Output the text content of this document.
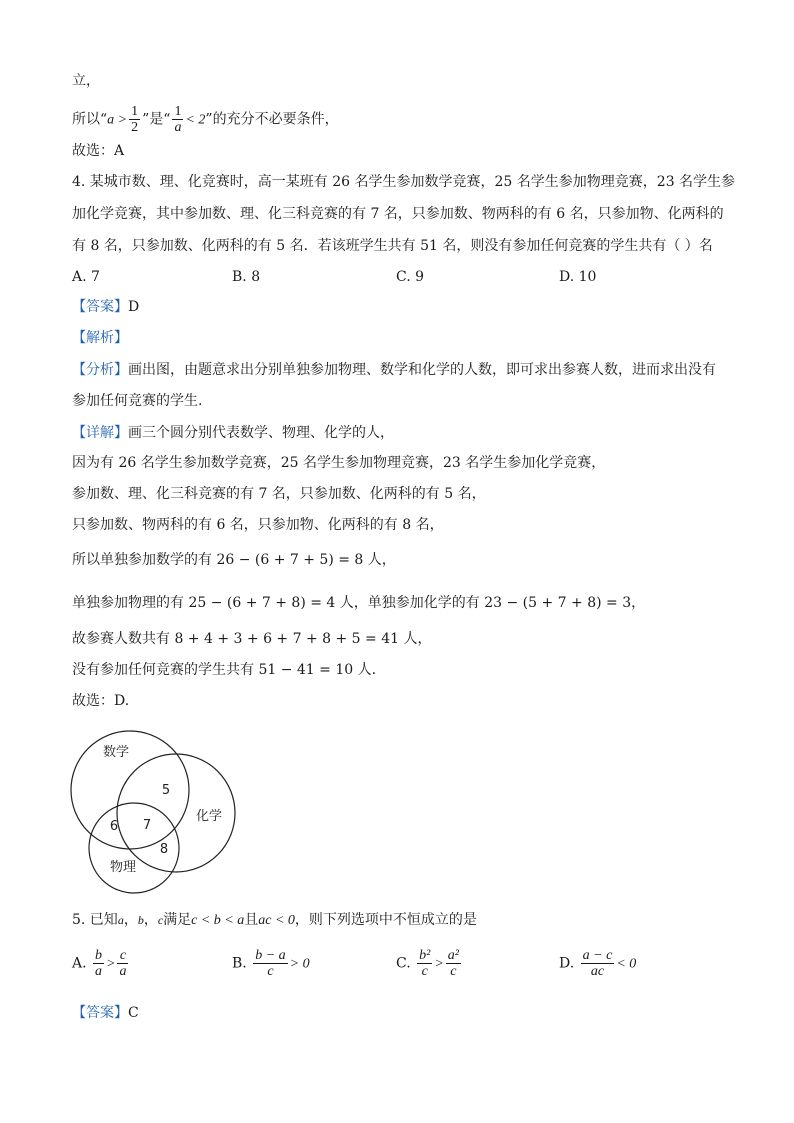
立，
所以“$a > \frac{1}{2}$ ”是“ $\frac{1}{a} < 2$”的充分不必要条件，
故选：A
4. 某城市数、理、化竞赛时，高一某班有 26 名学生参加数学竞赛，25 名学生参加物理竞赛，23 名学生参
加化学竞赛，其中参加数、理、化三科竞赛的有 7 名，只参加数、物两科的有 6 名，只参加物、化两科的
有 8 名，只参加数、化两科的有 5 名．若该班学生共有 51 名，则没有参加任何竞赛的学生共有（ ）名
A. 7	B. 8	C. 9	D. 10
【答案】D
【解析】
【分析】画出图，由题意求出分别单独参加物理、数学和化学的人数，即可求出参赛人数，进而求出没有
参加任何竞赛的学生.
【详解】画三个圆分别代表数学、物理、化学的人，
因为有 26 名学生参加数学竞赛，25 名学生参加物理竞赛，23 名学生参加化学竞赛，
参加数、理、化三科竞赛的有 7 名，只参加数、化两科的有 5 名，
只参加数、物两科的有 6 名，只参加物、化两科的有 8 名，
所以单独参加数学的有 26 − (6 + 7 + 5) = 8 人，
单独参加物理的有 25 − (6 + 7 + 8) = 4 人，单独参加化学的有 23 − (5 + 7 + 8) = 3，
故参赛人数共有 8 + 4 + 3 + 6 + 7 + 8 + 5 = 41 人，
没有参加任何竞赛的学生共有 51 − 41 = 10 人.
故选：D.
数学
化学
物理
5
6 7
8
5. 已知a，b，c满足c < b < a且ac < 0，则下列选项中不恒成立的是
A. $\frac{b}{a} > \frac{c}{a}$	B. $\frac{b - a}{c} > 0$	C. $\frac{\text{b²}}{c} > \frac{\text{a²}}{c}$	D. $\frac{a - c}{ac} < 0$
【答案】C
